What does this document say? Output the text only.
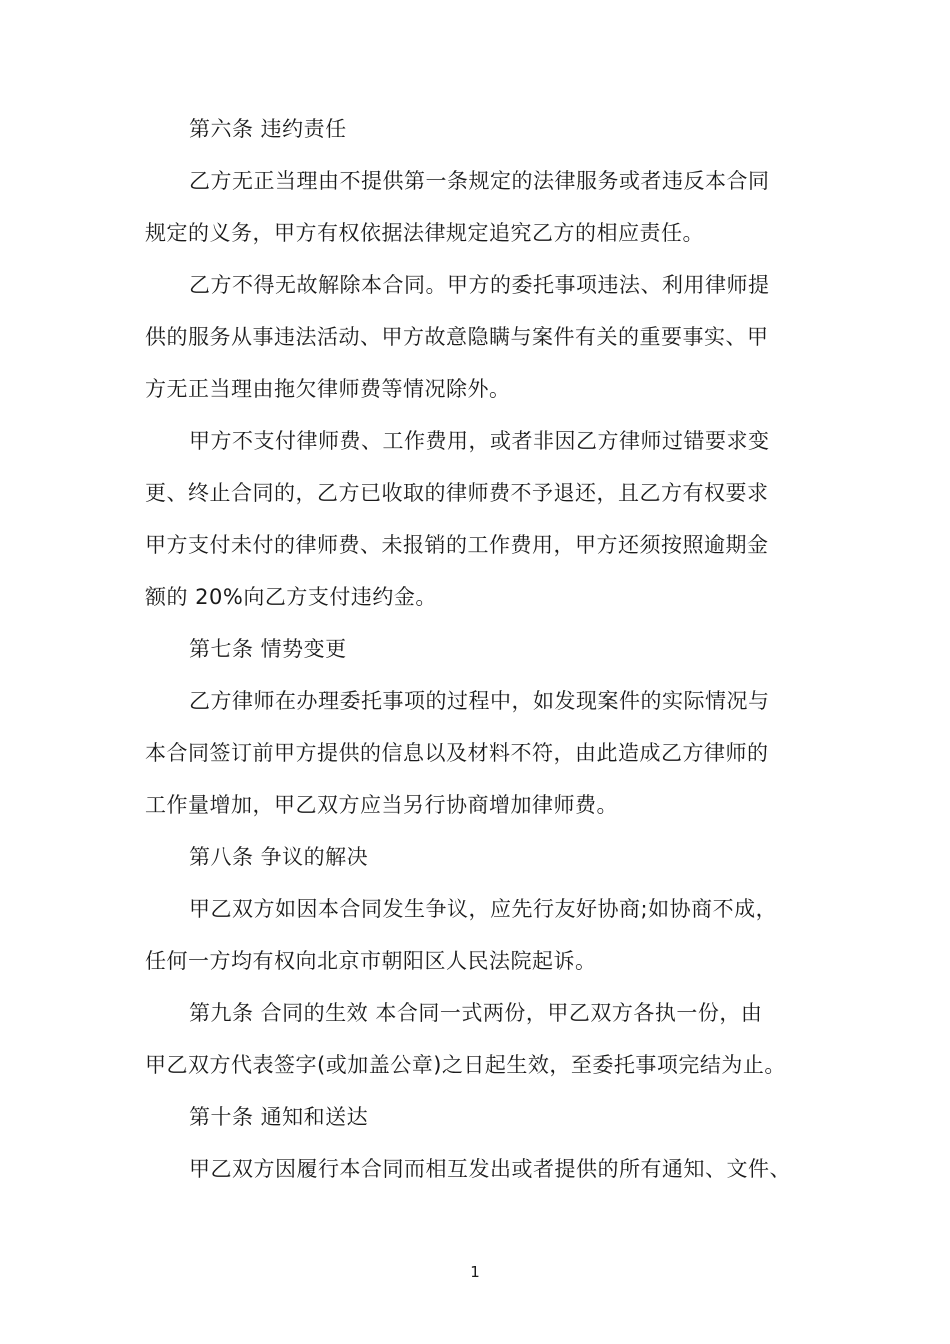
第六条 违约责任
乙方无正当理由不提供第一条规定的法律服务或者违反本合同
规定的义务，甲方有权依据法律规定追究乙方的相应责任。
乙方不得无故解除本合同。甲方的委托事项违法、利用律师提
供的服务从事违法活动、甲方故意隐瞒与案件有关的重要事实、甲
方无正当理由拖欠律师费等情况除外。
甲方不支付律师费、工作费用，或者非因乙方律师过错要求变
更、终止合同的，乙方已收取的律师费不予退还，且乙方有权要求
甲方支付未付的律师费、未报销的工作费用，甲方还须按照逾期金
额的 20%向乙方支付违约金。
第七条 情势变更
乙方律师在办理委托事项的过程中，如发现案件的实际情况与
本合同签订前甲方提供的信息以及材料不符，由此造成乙方律师的
工作量增加，甲乙双方应当另行协商增加律师费。
第八条 争议的解决
甲乙双方如因本合同发生争议，应先行友好协商;如协商不成，
任何一方均有权向北京市朝阳区人民法院起诉。
第九条 合同的生效 本合同一式两份，甲乙双方各执一份，由
甲乙双方代表签字(或加盖公章)之日起生效，至委托事项完结为止。
第十条 通知和送达
甲乙双方因履行本合同而相互发出或者提供的所有通知、文件、
1
